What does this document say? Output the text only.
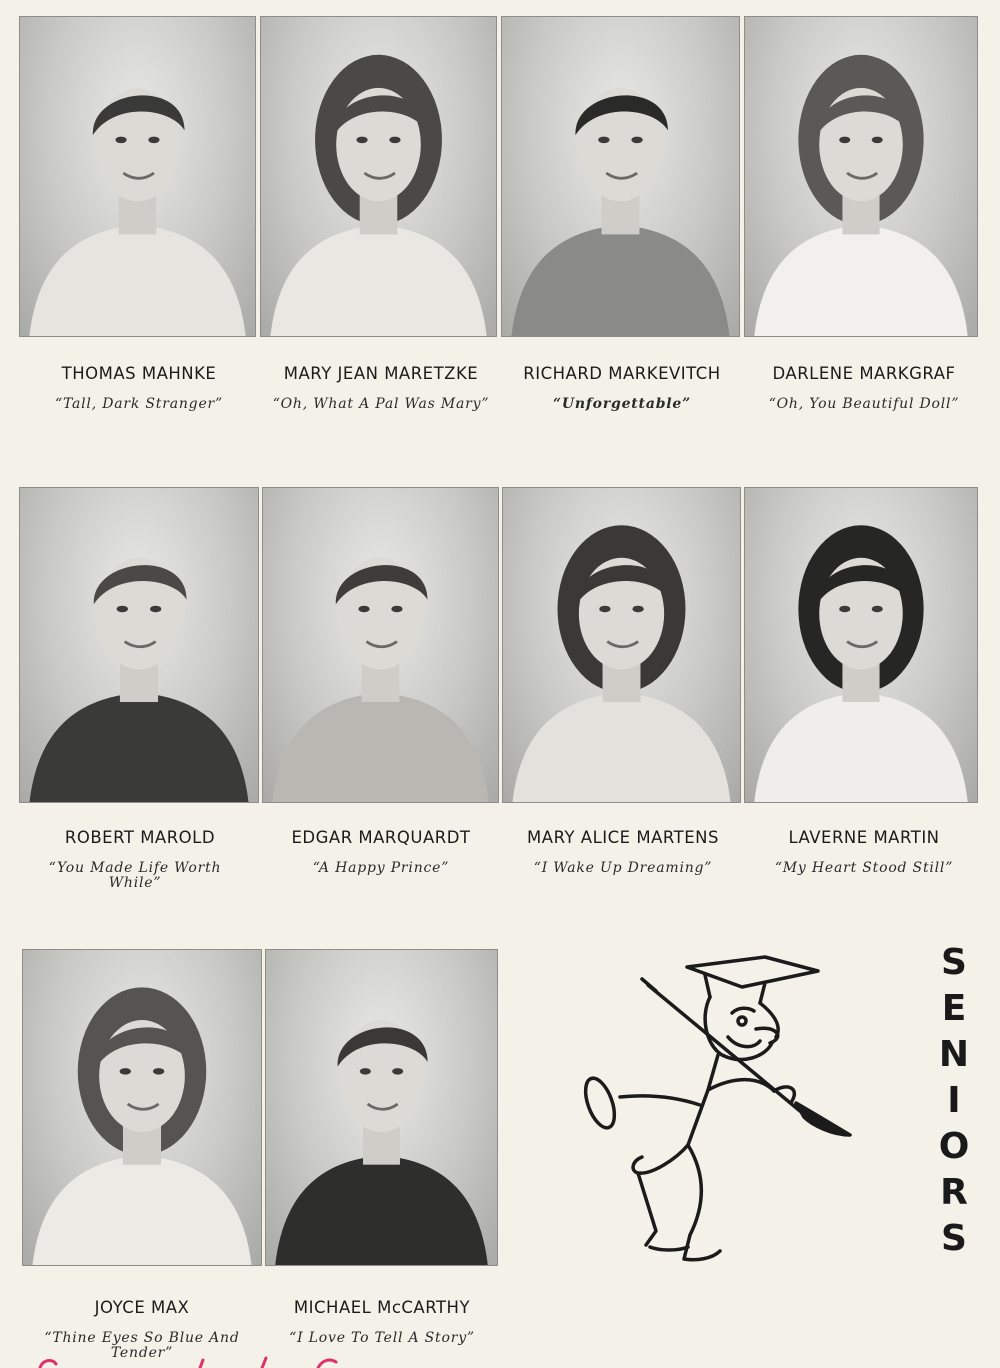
THOMAS MAHNKE
“Tall, Dark Stranger”
MARY JEAN MARETZKE
“Oh, What A Pal Was Mary”
RICHARD MARKEVITCH
“Unforgettable”
DARLENE MARKGRAF
“Oh, You Beautiful Doll”
ROBERT MAROLD
“You Made Life Worth While”
EDGAR MARQUARDT
“A Happy Prince”
MARY ALICE MARTENS
“I Wake Up Dreaming”
LAVERNE MARTIN
“My Heart Stood Still”
JOYCE MAX
“Thine Eyes So Blue And Tender”
MICHAEL McCARTHY
“I Love To Tell A Story”
S
E
N
I
O
R
S
